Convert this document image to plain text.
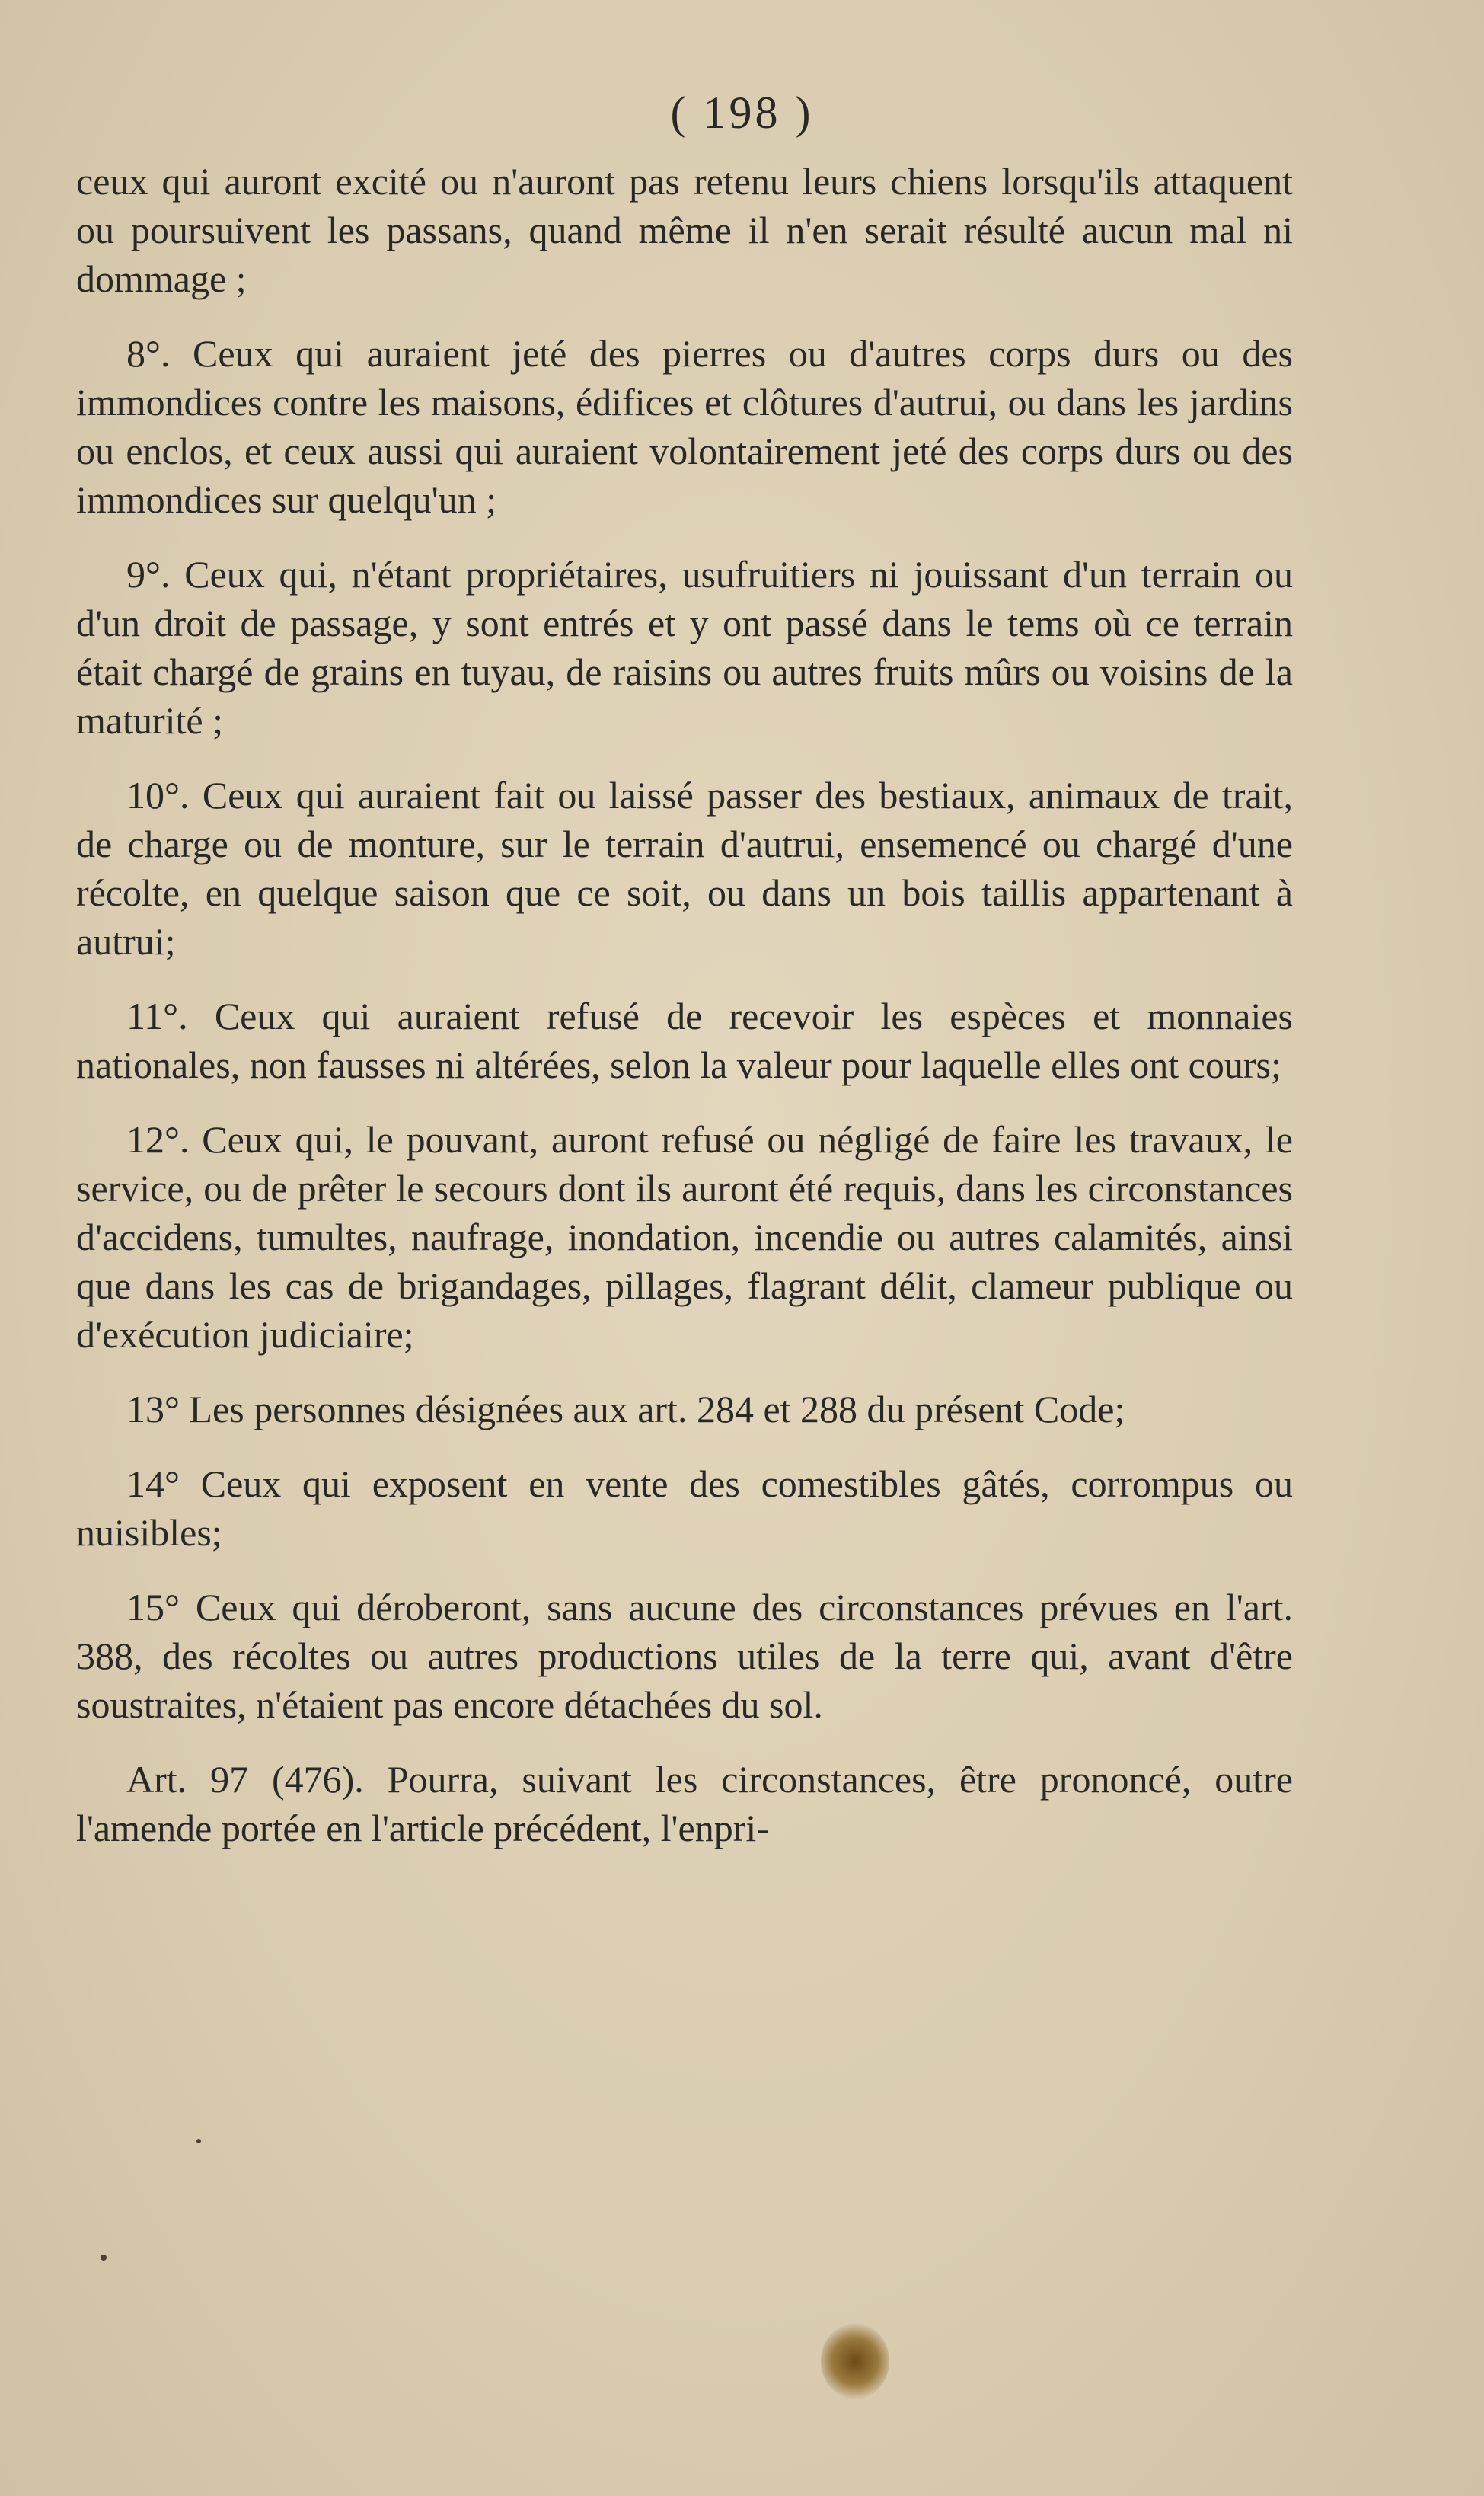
( 198 )

ceux qui auront excité ou n'auront pas retenu leurs chiens lorsqu'ils attaquent ou poursuivent les passans, quand même il n'en serait résulté aucun mal ni dommage ;

8°. Ceux qui auraient jeté des pierres ou d'autres corps durs ou des immondices contre les maisons, édifices et clôtures d'autrui, ou dans les jardins ou enclos, et ceux aussi qui auraient volontairement jeté des corps durs ou des immondices sur quelqu'un ;

9°. Ceux qui, n'étant propriétaires, usufruitiers ni jouissant d'un terrain ou d'un droit de passage, y sont entrés et y ont passé dans le tems où ce terrain était chargé de grains en tuyau, de raisins ou autres fruits mûrs ou voisins de la maturité ;

10°. Ceux qui auraient fait ou laissé passer des bestiaux, animaux de trait, de charge ou de monture, sur le terrain d'autrui, ensemencé ou chargé d'une récolte, en quelque saison que ce soit, ou dans un bois taillis appartenant à autrui;

11°. Ceux qui auraient refusé de recevoir les espèces et monnaies nationales, non fausses ni altérées, selon la valeur pour laquelle elles ont cours;

12°. Ceux qui, le pouvant, auront refusé ou négligé de faire les travaux, le service, ou de prêter le secours dont ils auront été requis, dans les circonstances d'accidens, tumultes, naufrage, inondation, incendie ou autres calamités, ainsi que dans les cas de brigandages, pillages, flagrant délit, clameur publique ou d'exécution judiciaire;

13° Les personnes désignées aux art. 284 et 288 du présent Code;

14° Ceux qui exposent en vente des comestibles gâtés, corrompus ou nuisibles;

15° Ceux qui déroberont, sans aucune des circonstances prévues en l'art. 388, des récoltes ou autres productions utiles de la terre qui, avant d'être soustraites, n'étaient pas encore détachées du sol.

Art. 97 (476). Pourra, suivant les circonstances, être prononcé, outre l'amende portée en l'article précédent, l'enpri-
